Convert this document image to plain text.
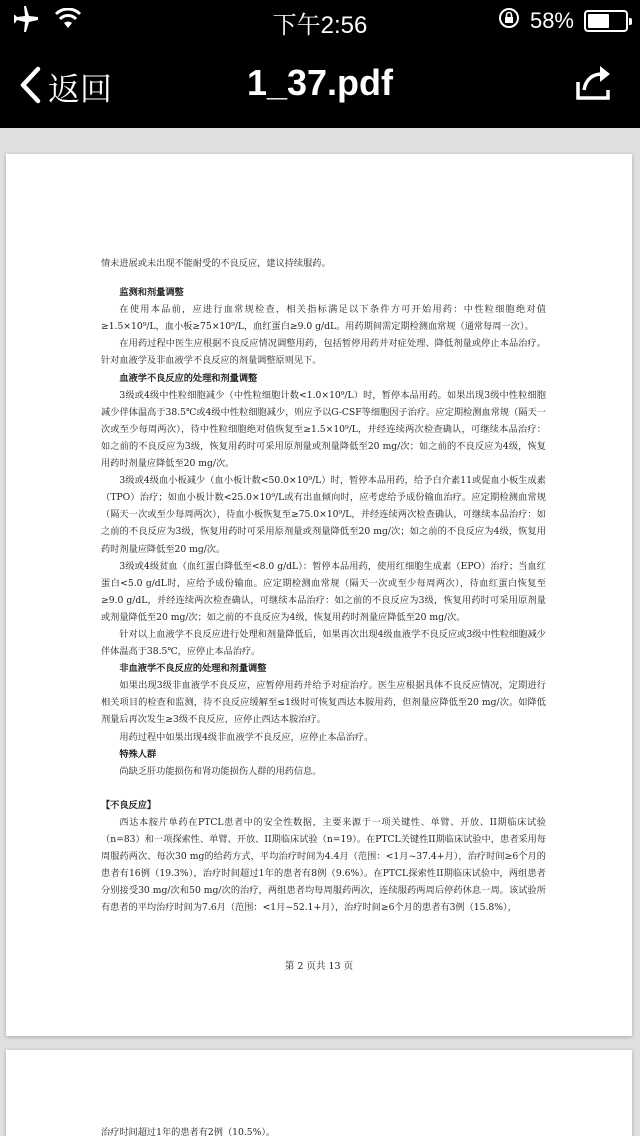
下午2:56	58%
返回	1_37.pdf

情未进展或未出现不能耐受的不良反应，建议持续服药。

监测和剂量调整

在使用本品前，应进行血常规检查，相关指标满足以下条件方可开始用药：中性粒细胞绝对值≥1.5×10⁹/L，血小板≥75×10⁹/L，血红蛋白≥9.0 g/dL。用药期间需定期检测血常规（通常每周一次）。

在用药过程中医生应根据不良反应情况调整用药，包括暂停用药并对症处理、降低剂量或停止本品治疗。针对血液学及非血液学不良反应的剂量调整原则见下。

血液学不良反应的处理和剂量调整

3级或4级中性粒细胞减少（中性粒细胞计数<1.0×10⁹/L）时，暂停本品用药。如果出现3级中性粒细胞减少伴体温高于38.5℃或4级中性粒细胞减少，则应予以G-CSF等细胞因子治疗。应定期检测血常规（隔天一次或至少每周两次），待中性粒细胞绝对值恢复至≥1.5×10⁹/L，并经连续两次检查确认，可继续本品治疗：如之前的不良反应为3级，恢复用药时可采用原剂量或剂量降低至20 mg/次；如之前的不良反应为4级，恢复用药时剂量应降低至20 mg/次。

3级或4级血小板减少（血小板计数<50.0×10⁹/L）时，暂停本品用药，给予白介素11或促血小板生成素（TPO）治疗；如血小板计数<25.0×10⁹/L或有出血倾向时，应考虑给予成份输血治疗。应定期检测血常规（隔天一次或至少每周两次），待血小板恢复至≥75.0×10⁹/L，并经连续两次检查确认，可继续本品治疗：如之前的不良反应为3级，恢复用药时可采用原剂量或剂量降低至20 mg/次；如之前的不良反应为4级，恢复用药时剂量应降低至20 mg/次。

3级或4级贫血（血红蛋白降低至<8.0 g/dL）：暂停本品用药，使用红细胞生成素（EPO）治疗；当血红蛋白<5.0 g/dL时，应给予成份输血。应定期检测血常规（隔天一次或至少每周两次），待血红蛋白恢复至≥9.0 g/dL，并经连续两次检查确认，可继续本品治疗：如之前的不良反应为3级，恢复用药时可采用原剂量或剂量降低至20 mg/次；如之前的不良反应为4级，恢复用药时剂量应降低至20 mg/次。

针对以上血液学不良反应进行处理和剂量降低后，如果再次出现4级血液学不良反应或3级中性粒细胞减少伴体温高于38.5℃，应停止本品治疗。

非血液学不良反应的处理和剂量调整

如果出现3级非血液学不良反应，应暂停用药并给予对症治疗。医生应根据具体不良反应情况，定期进行相关项目的检查和监测，待不良反应缓解至≤1级时可恢复西达本胺用药，但剂量应降低至20 mg/次。如降低剂量后再次发生≥3级不良反应，应停止西达本胺治疗。

用药过程中如果出现4级非血液学不良反应，应停止本品治疗。

特殊人群

尚缺乏肝功能损伤和肾功能损伤人群的用药信息。

【不良反应】

西达本胺片单药在PTCL患者中的安全性数据，主要来源于一项关键性、单臂、开放、II期临床试验（n=83）和一项探索性、单臂、开放、II期临床试验（n=19）。在PTCL关键性II期临床试验中，患者采用每周服药两次、每次30 mg的给药方式，平均治疗时间为4.4月（范围：<1月~37.4+月），治疗时间≥6个月的患者有16例（19.3%），治疗时间超过1年的患者有8例（9.6%）。在PTCL探索性II期临床试验中，两组患者分别接受30 mg/次和50 mg/次的治疗，两组患者均每周服药两次，连续服药两周后停药休息一周。该试验所有患者的平均治疗时间为7.6月（范围：<1月~52.1+月），治疗时间≥6个月的患者有3例（15.8%），

第 2 页共 13 页

治疗时间超过1年的患者有2例（10.5%）。
